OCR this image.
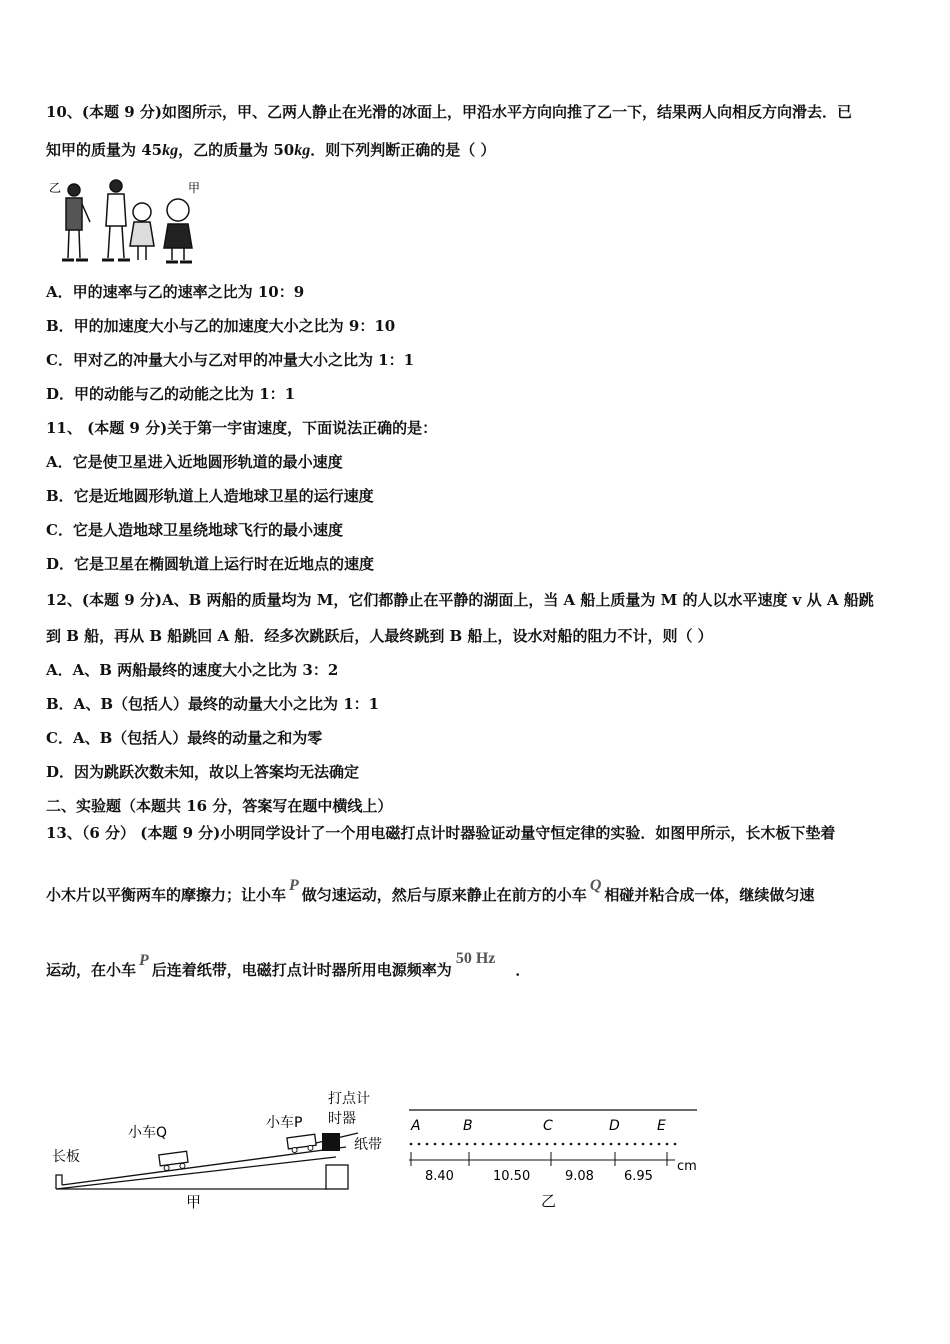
10、(本题 9 分)如图所示，甲、乙两人静止在光滑的冰面上，甲沿水平方向向推了乙一下，结果两人向相反方向滑去．已
知甲的质量为 45kg，乙的质量为 50kg．则下列判断正确的是（ ）
乙	甲
A．甲的速率与乙的速率之比为 10：9
B．甲的加速度大小与乙的加速度大小之比为 9：10
C．甲对乙的冲量大小与乙对甲的冲量大小之比为 1：1
D．甲的动能与乙的动能之比为 1：1
11、 (本题 9 分)关于第一宇宙速度，下面说法正确的是：
A．它是使卫星进入近地圆形轨道的最小速度
B．它是近地圆形轨道上人造地球卫星的运行速度
C．它是人造地球卫星绕地球飞行的最小速度
D．它是卫星在椭圆轨道上运行时在近地点的速度
12、(本题 9 分)A、B 两船的质量均为 M，它们都静止在平静的湖面上，当 A 船上质量为 M 的人以水平速度 v 从 A 船跳
到 B 船，再从 B 船跳回 A 船．经多次跳跃后，人最终跳到 B 船上，设水对船的阻力不计，则（ ）
A．A、B 两船最终的速度大小之比为 3：2
B．A、B（包括人）最终的动量大小之比为 1：1
C．A、B（包括人）最终的动量之和为零
D．因为跳跃次数未知，故以上答案均无法确定
二、实验题（本题共 16 分，答案写在题中横线上）
13、（6 分） (本题 9 分)小明同学设计了一个用电磁打点计时器验证动量守恒定律的实验．如图甲所示，长木板下垫着
小木片以平衡两车的摩擦力；让小车P做匀速运动，然后与原来静止在前方的小车Q相碰并粘合成一体，继续做匀速
运动，在小车P后连着纸带，电磁打点计时器所用电源频率为50 Hz．
长板
小车Q
小车P
打点计
时器
纸带
甲
A	B	C	D	E
8.40	10.50	9.08 6.95
cm
乙
